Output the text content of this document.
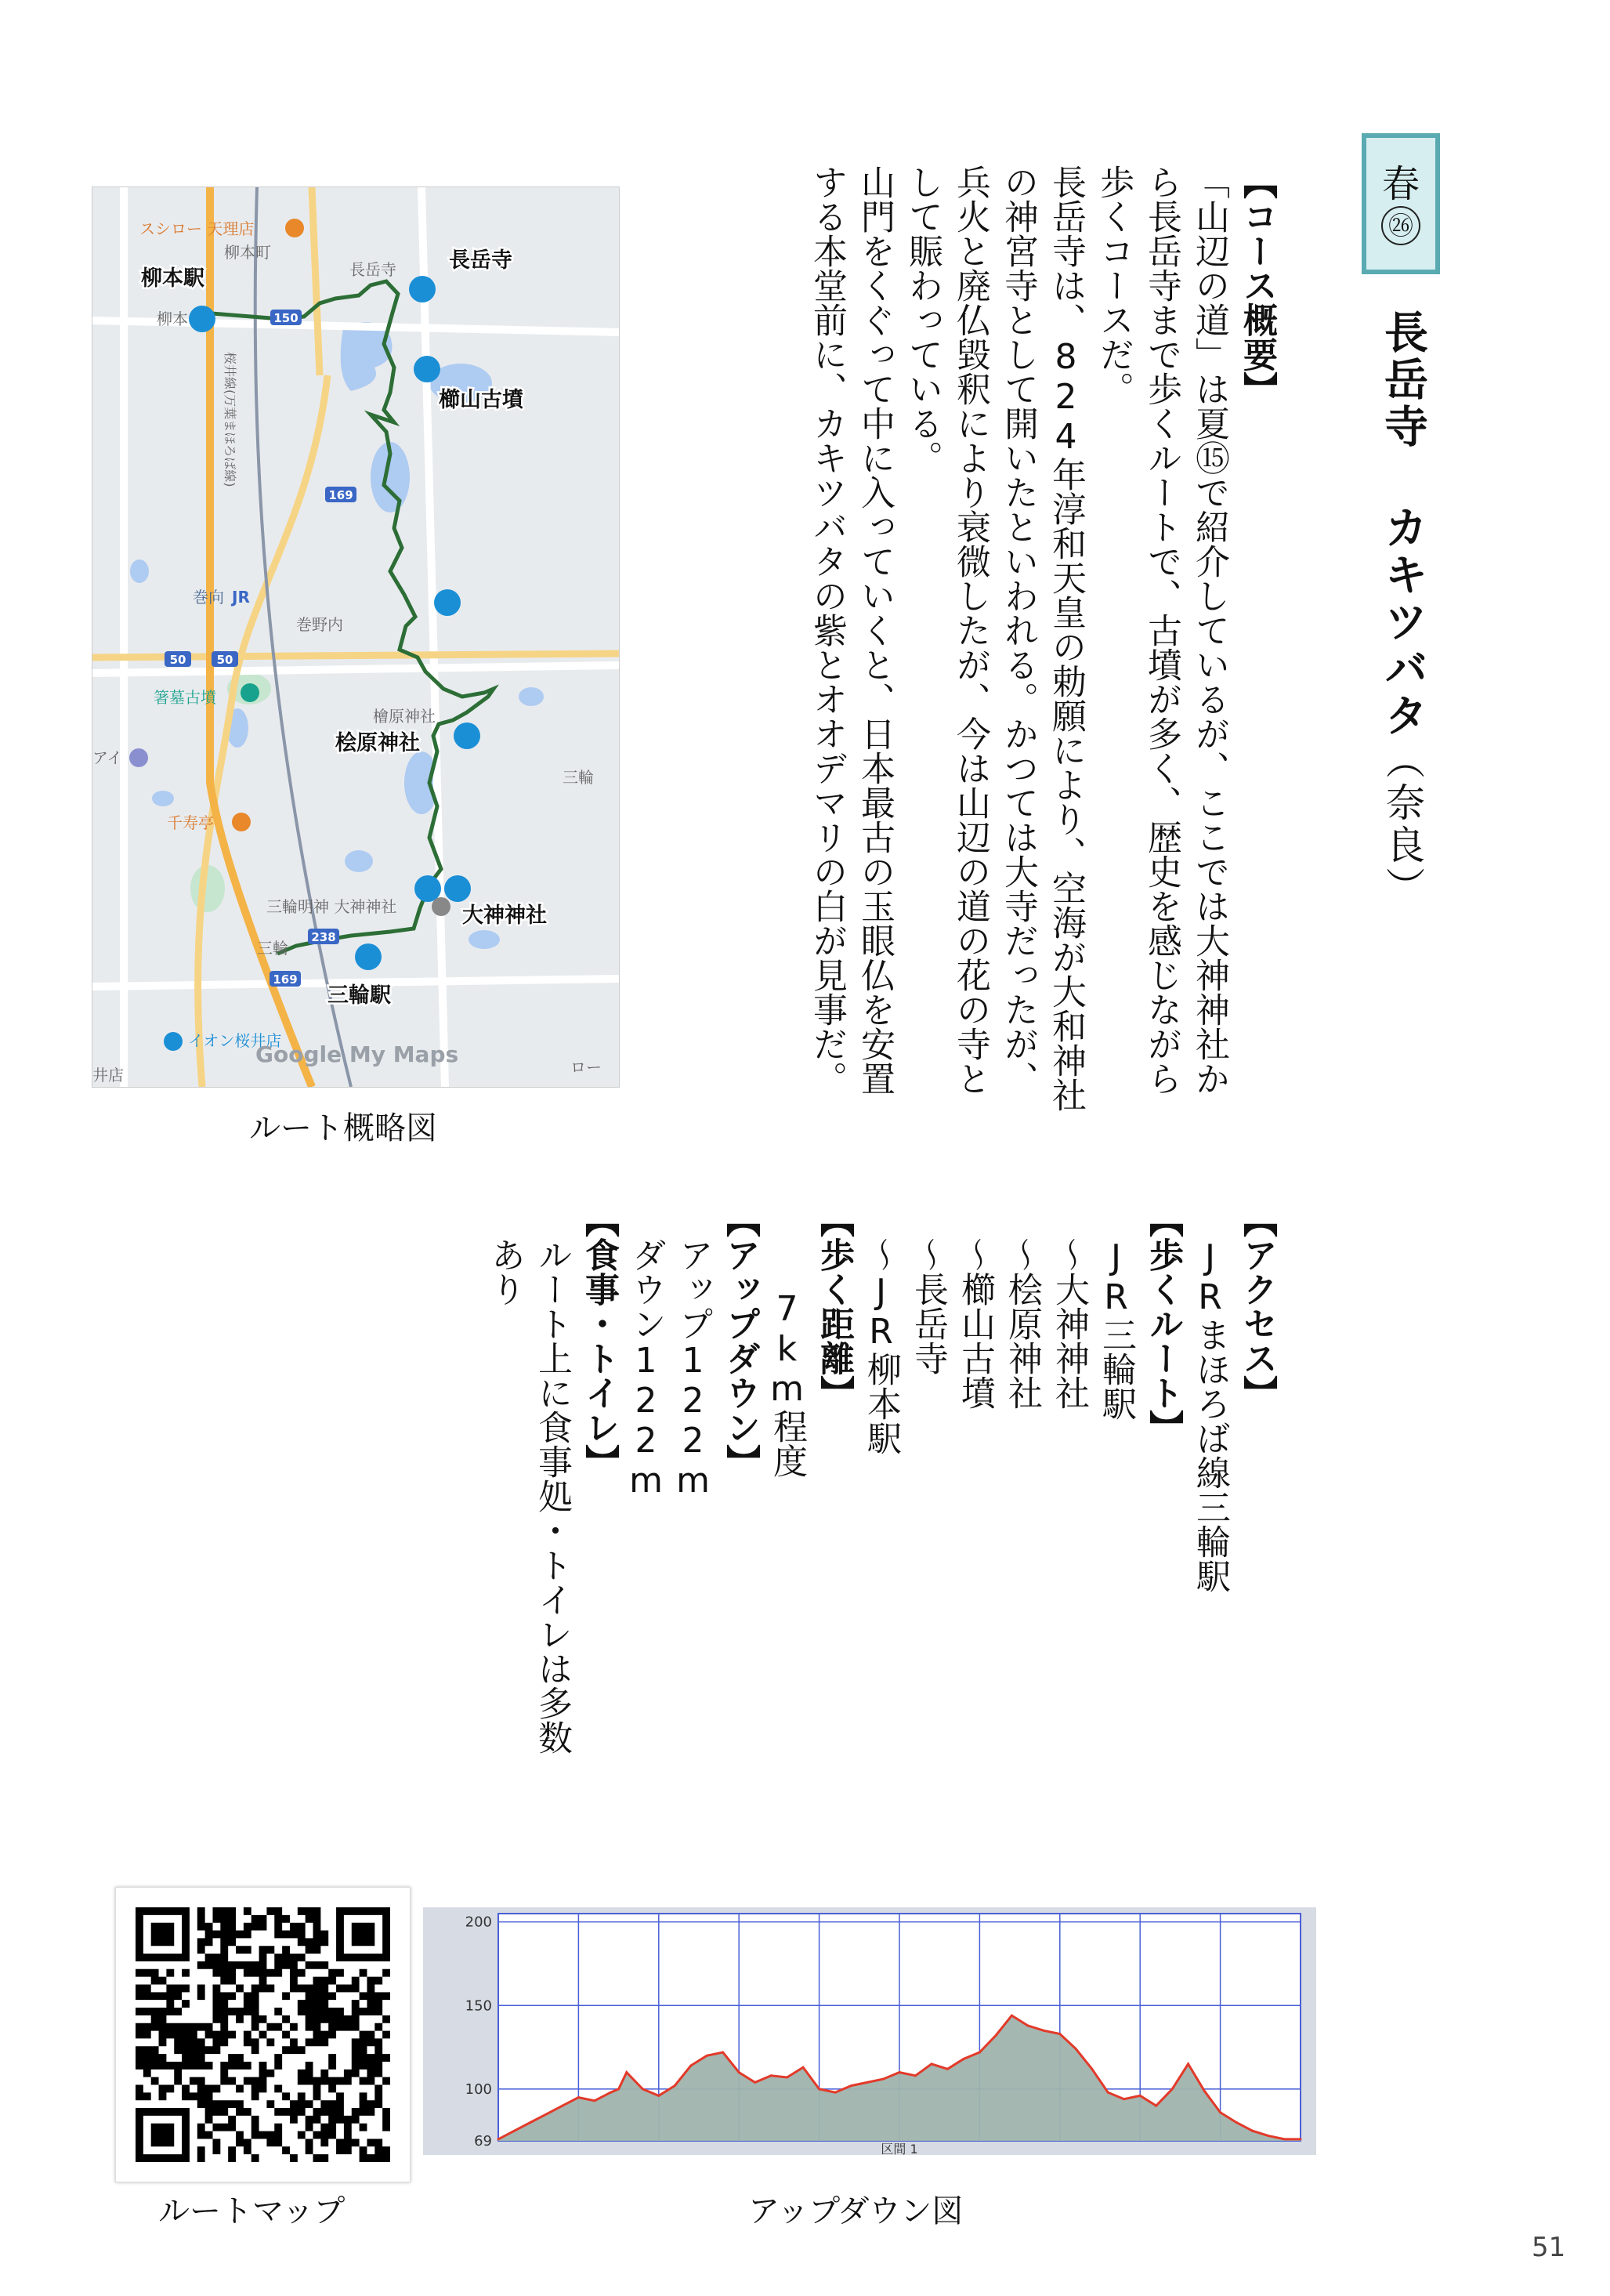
春
㉖
長岳寺 カキツバタ（奈良）

【コース概要】

「山辺の道」は夏⑮で紹介しているが、ここでは大神神社から長岳寺まで歩くルートで、古墳が多く、歴史を感じながら歩くコースだ。

長岳寺は、824年淳和天皇の勅願により、空海が大和神社の神宮寺として開いたといわれる。かつては大寺だったが、兵火と廃仏毀釈により衰微したが、今は山辺の道の花の寺として賑わっている。

山門をくぐって中に入っていくと、日本最古の玉眼仏を安置する本堂前に、カキツバタの紫とオオデマリの白が見事だ。

【アクセス】

JRまほろば線三輪駅

【歩くルート】

JR三輪駅

～大神神社

～桧原神社

～櫛山古墳

～長岳寺

～JR柳本駅

【歩く距離】

7km程度

【アップダウン】

アップ122m

ダウン122m

【食事・トイレ】

ルート上に食事処・トイレは多数

あり

150
169
50	50
238
169
スシロー 天理店
柳本町
柳本
長岳寺
巻向 JR
巻野内
箸墓古墳
檜原神社
アイ
千寿亭
三輪
三輪明神 大神神社
三輪
イオン桜井店
井店	ロー
Google My Maps
桜井線(万葉まほろば線)
長岳寺
柳本駅
櫛山古墳
桧原神社
大神神社
三輪駅
ルート概略図
ルートマップ
69
100
150
200
区間 1
アップダウン図
51
